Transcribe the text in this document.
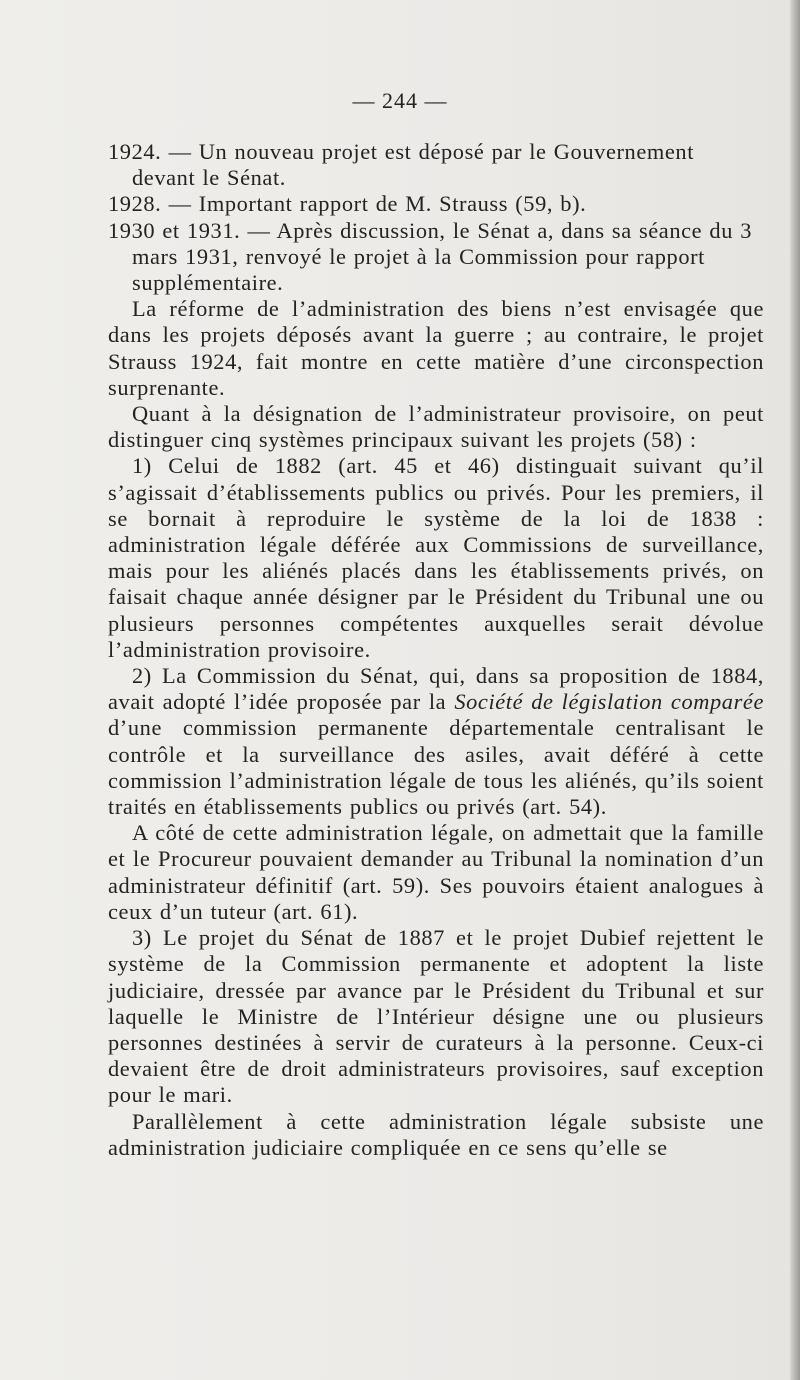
— 244 —

1924. — Un nouveau projet est déposé par le Gouvernement devant le Sénat.

1928. — Important rapport de M. Strauss (59, b).

1930 et 1931. — Après discussion, le Sénat a, dans sa séance du 3 mars 1931, renvoyé le projet à la Commission pour rapport supplémentaire.

La réforme de l’administration des biens n’est envisagée que dans les projets déposés avant la guerre ; au contraire, le projet Strauss 1924, fait montre en cette matière d’une circonspection surprenante.

Quant à la désignation de l’administrateur provisoire, on peut distinguer cinq systèmes principaux suivant les projets (58) :

1) Celui de 1882 (art. 45 et 46) distinguait suivant qu’il s’agissait d’établissements publics ou privés. Pour les premiers, il se bornait à reproduire le système de la loi de 1838 : administration légale déférée aux Commissions de surveillance, mais pour les aliénés placés dans les établissements privés, on faisait chaque année désigner par le Président du Tribunal une ou plusieurs personnes compétentes auxquelles serait dévolue l’administration provisoire.

2) La Commission du Sénat, qui, dans sa proposition de 1884, avait adopté l’idée proposée par la Société de législation comparée d’une commission permanente départementale centralisant le contrôle et la surveillance des asiles, avait déféré à cette commission l’administration légale de tous les aliénés, qu’ils soient traités en établissements publics ou privés (art. 54).

A côté de cette administration légale, on admettait que la famille et le Procureur pouvaient demander au Tribunal la nomination d’un administrateur définitif (art. 59). Ses pouvoirs étaient analogues à ceux d’un tuteur (art. 61).

3) Le projet du Sénat de 1887 et le projet Dubief rejettent le système de la Commission permanente et adoptent la liste judiciaire, dressée par avance par le Président du Tribunal et sur laquelle le Ministre de l’Intérieur désigne une ou plusieurs personnes destinées à servir de curateurs à la personne. Ceux-ci devaient être de droit administrateurs provisoires, sauf exception pour le mari.

Parallèlement à cette administration légale subsiste une administration judiciaire compliquée en ce sens qu’elle se
